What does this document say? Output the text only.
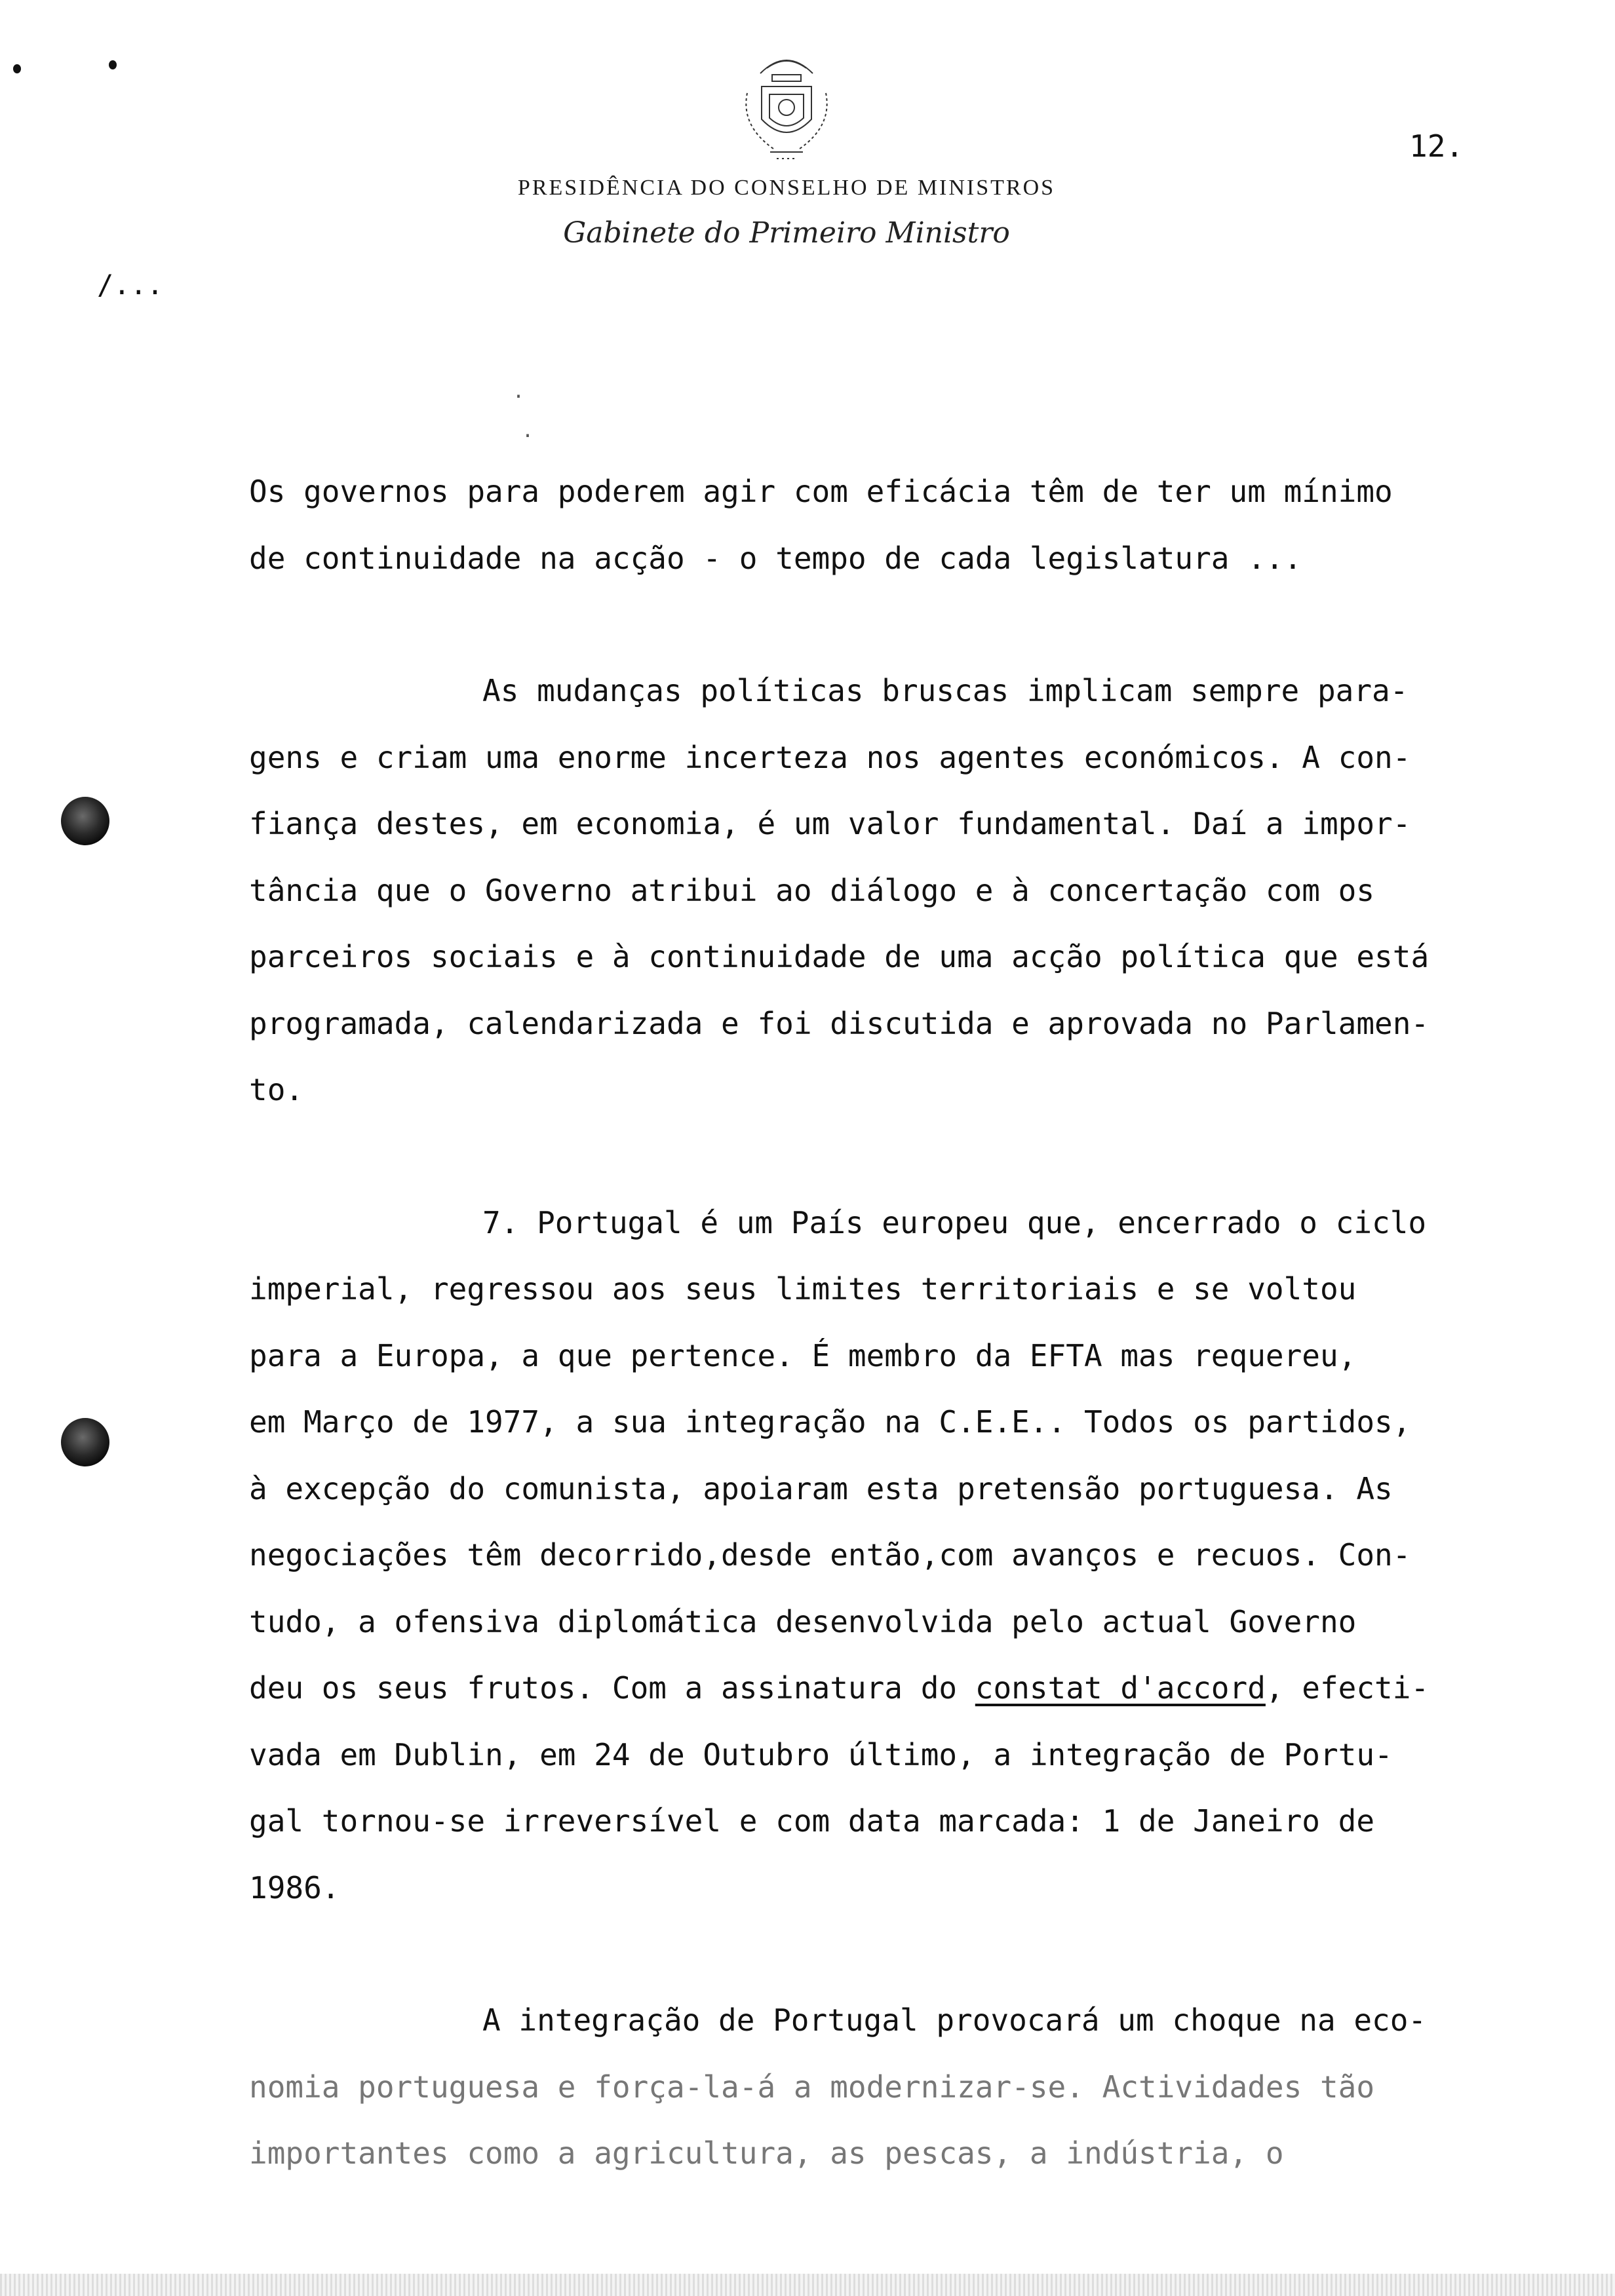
12.
PRESIDÊNCIA DO CONSELHO DE MINISTROS
Gabinete do Primeiro Ministro
/...
.
.
Os governos para poderem agir com eficácia têm de ter um mínimo
de continuidade na acção - o tempo de cada legislatura ...
As mudanças políticas bruscas implicam sempre para-
gens e criam uma enorme incerteza nos agentes económicos. A con-
fiança destes, em economia, é um valor fundamental. Daí a impor-
tância que o Governo atribui ao diálogo e à concertação com os
parceiros sociais e à continuidade de uma acção política que está
programada, calendarizada e foi discutida e aprovada no Parlamen-
to.
7. Portugal é um País europeu que, encerrado o ciclo
imperial, regressou aos seus limites territoriais e se voltou
para a Europa, a que pertence. É membro da EFTA mas requereu,
em Março de 1977, a sua integração na C.E.E.. Todos os partidos,
à excepção do comunista, apoiaram esta pretensão portuguesa. As
negociações têm decorrido,desde então,com avanços e recuos. Con-
tudo, a ofensiva diplomática desenvolvida pelo actual Governo
deu os seus frutos. Com a assinatura do constat d'accord, efecti-
vada em Dublin, em 24 de Outubro último, a integração de Portu-
gal tornou-se irreversível e com data marcada: 1 de Janeiro de
1986.
A integração de Portugal provocará um choque na eco-
nomia portuguesa e força-la-á a modernizar-se. Actividades tão
importantes como a agricultura, as pescas, a indústria, o
